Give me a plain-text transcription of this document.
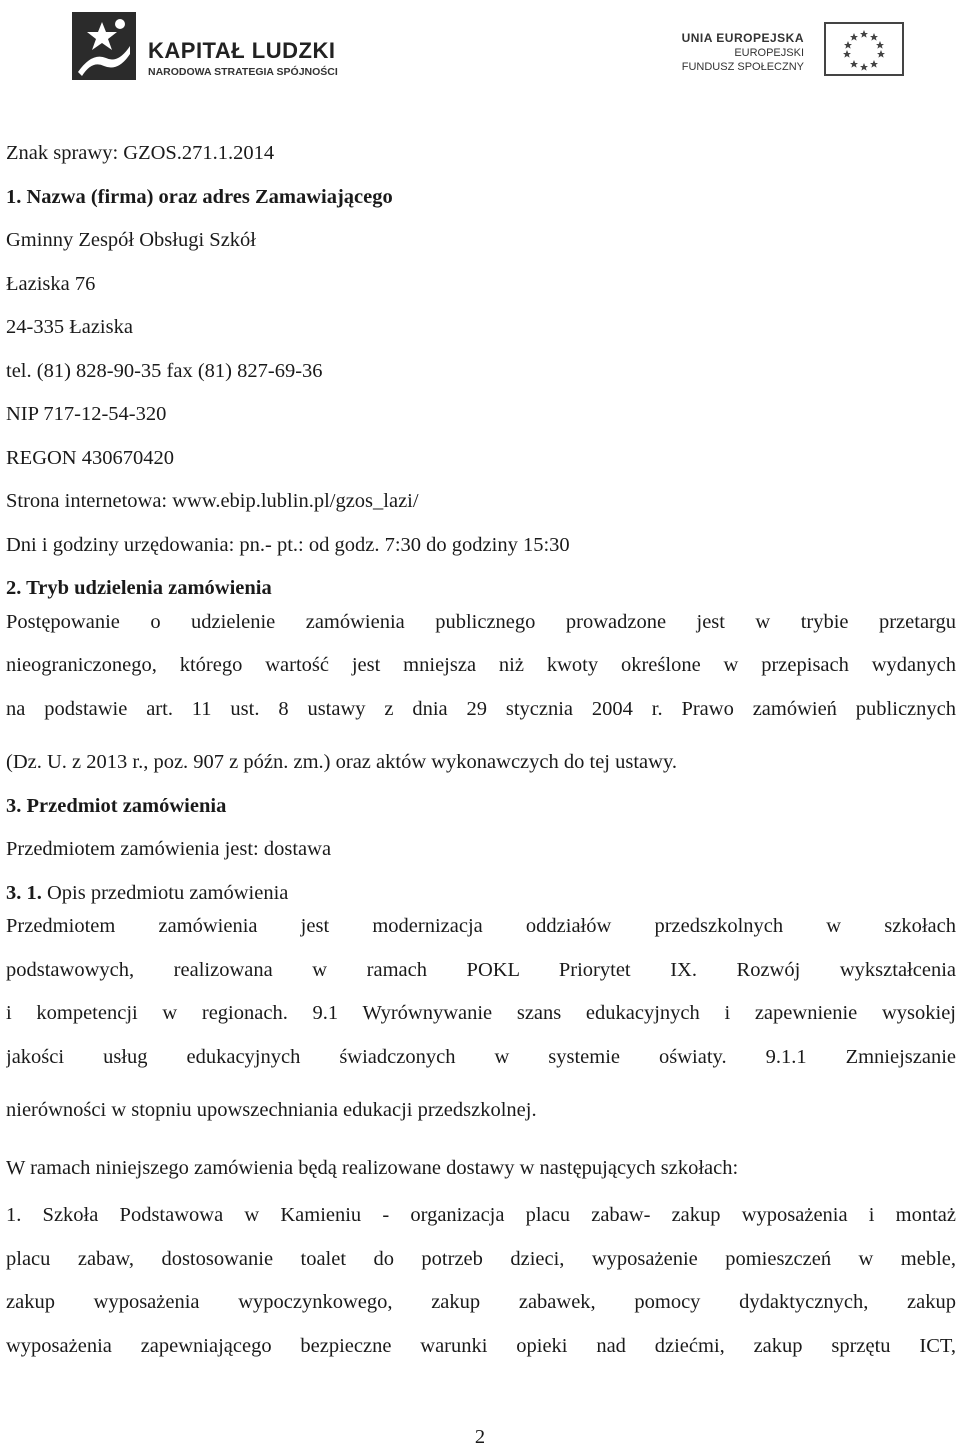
KAPITAŁ LUDZKI
NARODOWA STRATEGIA SPÓJNOŚCI
UNIA EUROPEJSKA
EUROPEJSKI
FUNDUSZ SPOŁECZNY
Znak sprawy: GZOS.271.1.2014
1. Nazwa (firma) oraz adres Zamawiającego
Gminny Zespół Obsługi Szkół
Łaziska 76
24-335 Łaziska
tel. (81) 828-90-35 fax (81) 827-69-36
NIP 717-12-54-320
REGON 430670420
Strona internetowa: www.ebip.lublin.pl/gzos_lazi/
Dni i godziny urzędowania: pn.- pt.: od godz. 7:30 do godziny 15:30
2. Tryb udzielenia zamówienia
Postępowanie o udzielenie zamówienia publicznego prowadzone jest w trybie przetargu
nieograniczonego, którego wartość jest mniejsza niż kwoty określone w przepisach wydanych
na podstawie art. 11 ust. 8 ustawy z dnia 29 stycznia 2004 r. Prawo zamówień publicznych
(Dz. U. z 2013 r., poz. 907 z późn. zm.) oraz aktów wykonawczych do tej ustawy.
3. Przedmiot zamówienia
Przedmiotem zamówienia jest: dostawa
3. 1. Opis przedmiotu zamówienia
Przedmiotem zamówienia jest modernizacja oddziałów przedszkolnych w szkołach
podstawowych, realizowana w ramach POKL Priorytet IX. Rozwój wykształcenia
i kompetencji w regionach. 9.1 Wyrównywanie szans edukacyjnych i zapewnienie wysokiej
jakości usług edukacyjnych świadczonych w systemie oświaty. 9.1.1 Zmniejszanie
nierówności w stopniu upowszechniania edukacji przedszkolnej.
W ramach niniejszego zamówienia będą realizowane dostawy w następujących szkołach:
1. Szkoła Podstawowa w Kamieniu - organizacja placu zabaw- zakup wyposażenia i montaż
placu zabaw, dostosowanie toalet do potrzeb dzieci, wyposażenie pomieszczeń w meble,
zakup wyposażenia wypoczynkowego, zakup zabawek, pomocy dydaktycznych, zakup
wyposażenia zapewniającego bezpieczne warunki opieki nad dziećmi, zakup sprzętu ICT,
2
